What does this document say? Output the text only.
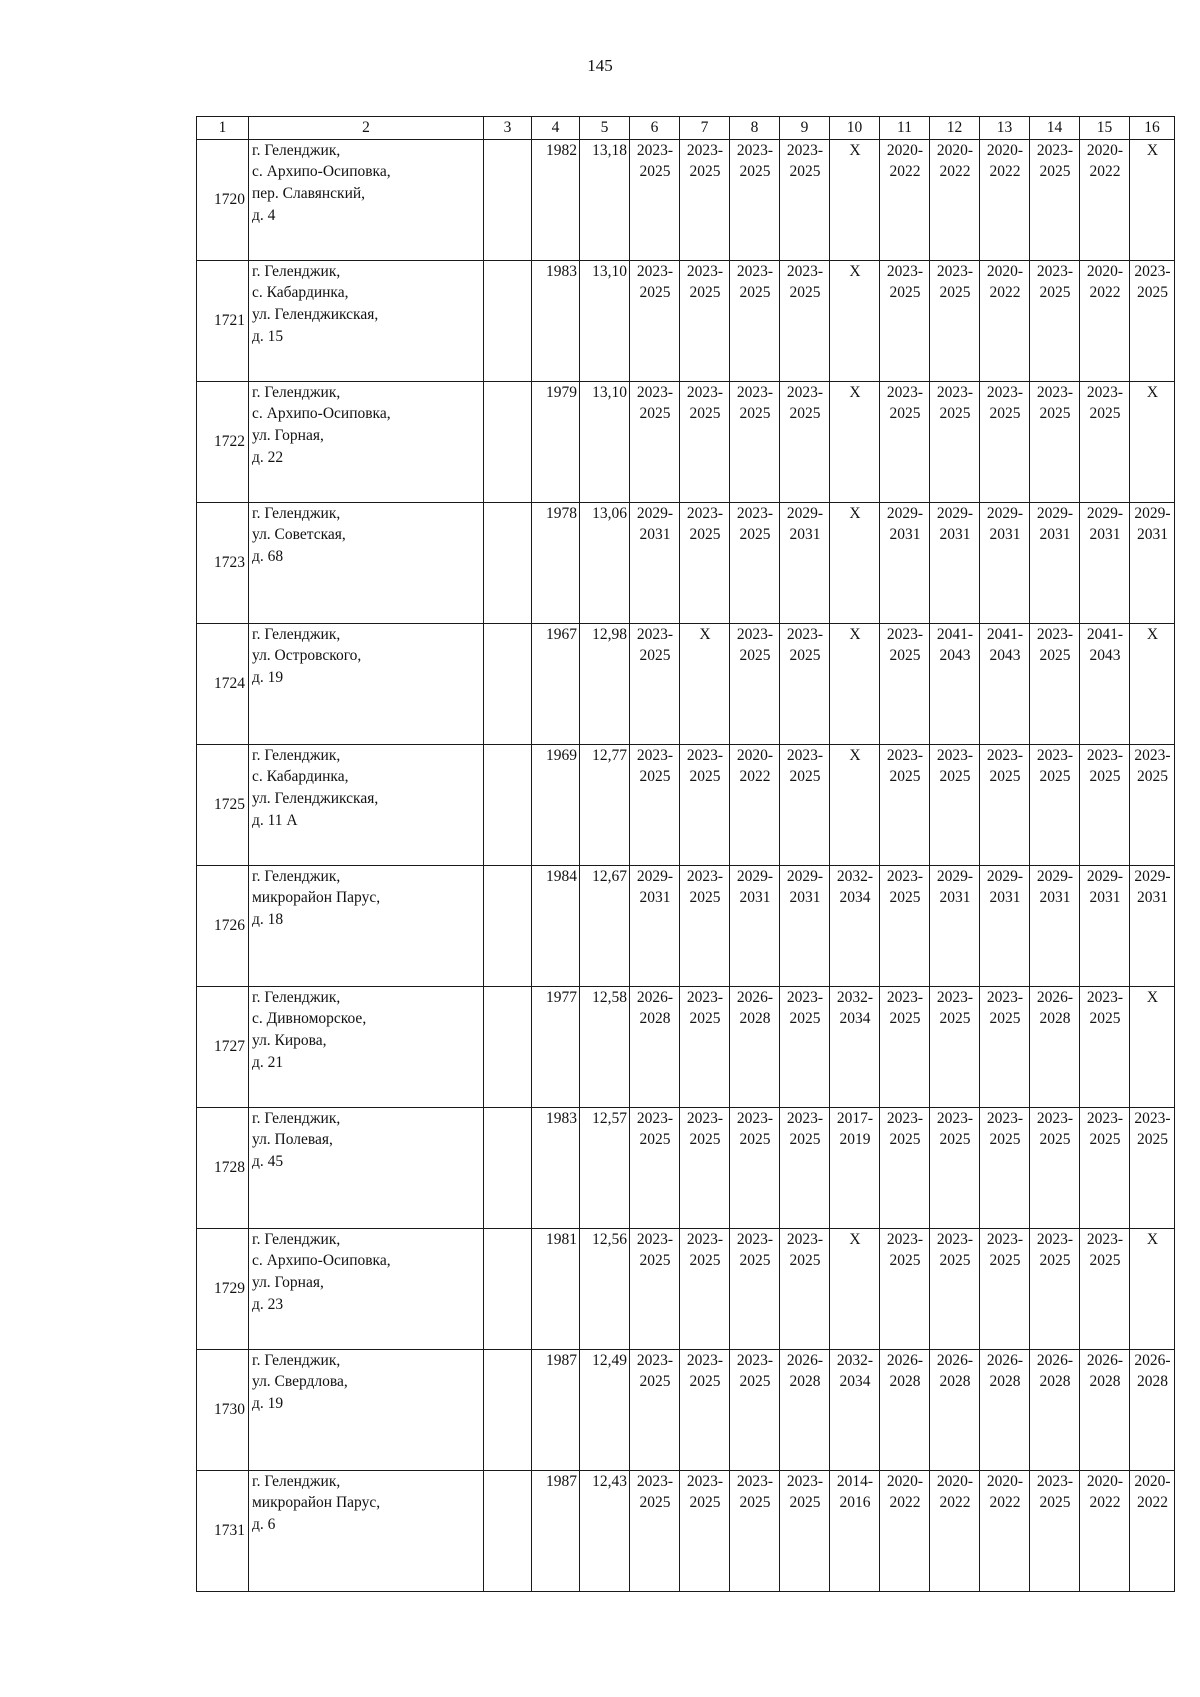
145
1	2	3	4	5	6	7	8	9	10	11	12	13	14	15	16
1720	г. Геленджик,
с. Архипо-Осиповка,
пер. Славянский,
д. 4		1982	13,18	2023-
2025	2023-
2025	2023-
2025	2023-
2025	Х	2020-
2022	2020-
2022	2020-
2022	2023-
2025	2020-
2022	Х
1721	г. Геленджик,
с. Кабардинка,
ул. Геленджикская,
д. 15		1983	13,10	2023-
2025	2023-
2025	2023-
2025	2023-
2025	Х	2023-
2025	2023-
2025	2020-
2022	2023-
2025	2020-
2022	2023-
2025
1722	г. Геленджик,
с. Архипо-Осиповка,
ул. Горная,
д. 22		1979	13,10	2023-
2025	2023-
2025	2023-
2025	2023-
2025	Х	2023-
2025	2023-
2025	2023-
2025	2023-
2025	2023-
2025	Х
1723	г. Геленджик,
ул. Советская,
д. 68		1978	13,06	2029-
2031	2023-
2025	2023-
2025	2029-
2031	Х	2029-
2031	2029-
2031	2029-
2031	2029-
2031	2029-
2031	2029-
2031
1724	г. Геленджик,
ул. Островского,
д. 19		1967	12,98	2023-
2025	Х	2023-
2025	2023-
2025	Х	2023-
2025	2041-
2043	2041-
2043	2023-
2025	2041-
2043	Х
1725	г. Геленджик,
с. Кабардинка,
ул. Геленджикская,
д. 11 А		1969	12,77	2023-
2025	2023-
2025	2020-
2022	2023-
2025	Х	2023-
2025	2023-
2025	2023-
2025	2023-
2025	2023-
2025	2023-
2025
1726	г. Геленджик,
микрорайон Парус,
д. 18		1984	12,67	2029-
2031	2023-
2025	2029-
2031	2029-
2031	2032-
2034	2023-
2025	2029-
2031	2029-
2031	2029-
2031	2029-
2031	2029-
2031
1727	г. Геленджик,
с. Дивноморское,
ул. Кирова,
д. 21		1977	12,58	2026-
2028	2023-
2025	2026-
2028	2023-
2025	2032-
2034	2023-
2025	2023-
2025	2023-
2025	2026-
2028	2023-
2025	Х
1728	г. Геленджик,
ул. Полевая,
д. 45		1983	12,57	2023-
2025	2023-
2025	2023-
2025	2023-
2025	2017-
2019	2023-
2025	2023-
2025	2023-
2025	2023-
2025	2023-
2025	2023-
2025
1729	г. Геленджик,
с. Архипо-Осиповка,
ул. Горная,
д. 23		1981	12,56	2023-
2025	2023-
2025	2023-
2025	2023-
2025	Х	2023-
2025	2023-
2025	2023-
2025	2023-
2025	2023-
2025	Х
1730	г. Геленджик,
ул. Свердлова,
д. 19		1987	12,49	2023-
2025	2023-
2025	2023-
2025	2026-
2028	2032-
2034	2026-
2028	2026-
2028	2026-
2028	2026-
2028	2026-
2028	2026-
2028
1731	г. Геленджик,
микрорайон Парус,
д. 6		1987	12,43	2023-
2025	2023-
2025	2023-
2025	2023-
2025	2014-
2016	2020-
2022	2020-
2022	2020-
2022	2023-
2025	2020-
2022	2020-
2022
